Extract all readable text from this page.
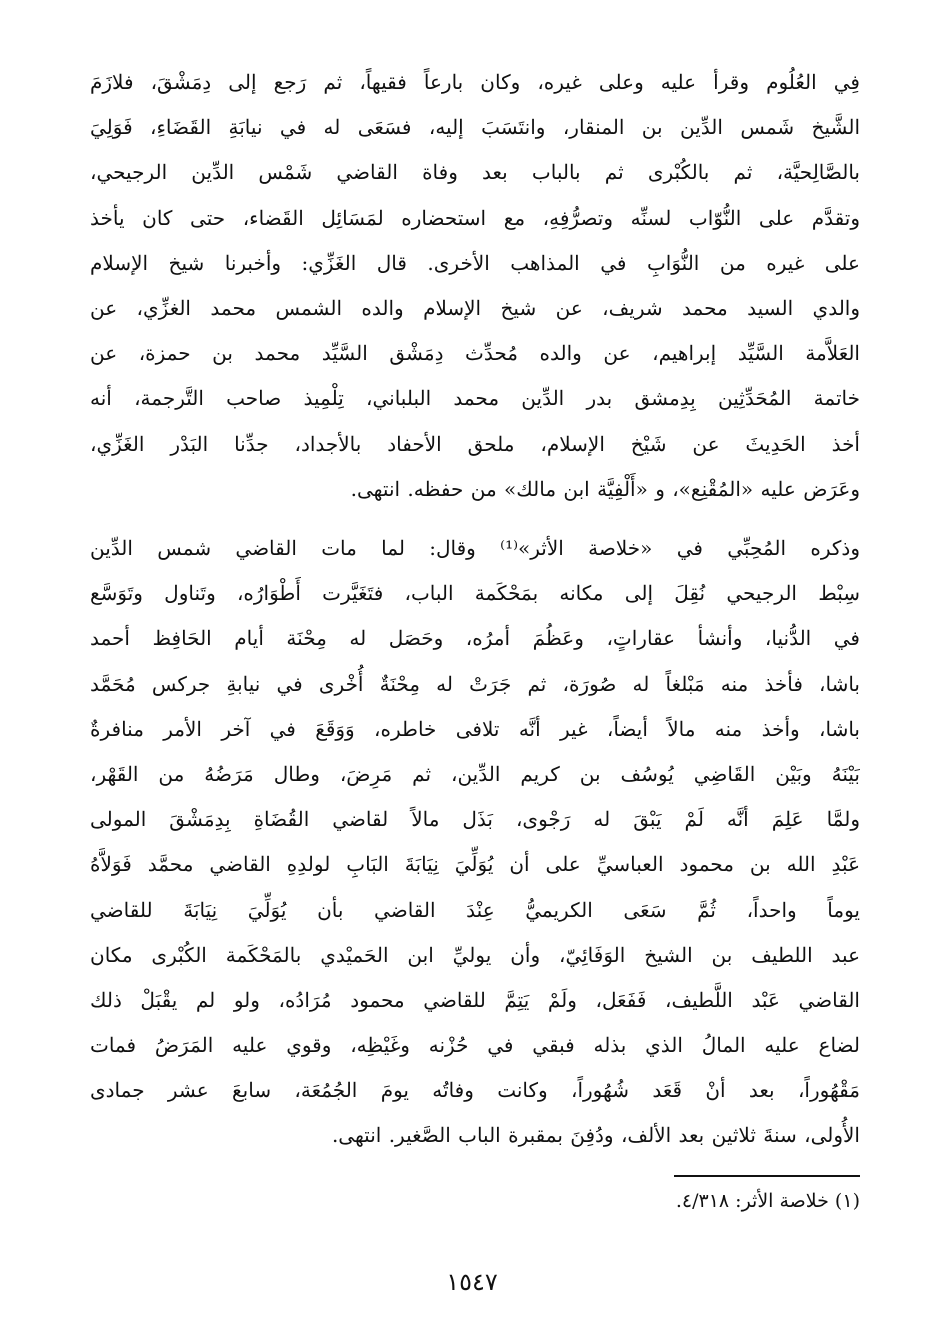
فِي العُلُوم وقرأ عليه وعلى غيره، وكان بارعاً فقيهاً، ثم رَجع إلى دِمَشْقَ، فلازَمَ
الشَّيخ شَمس الدِّين بن المنقار، وانتَسَبَ إليه، فسَعَى له في نيابَةِ القَضَاءِ، فَوَلِيَ
بالصَّالِحيَّة، ثم بالكُبْرى ثم بالباب بعد وفاة القاضي شَمْس الدِّين الرجيحي،
وتقدَّم على النُّوّاب لسنِّه وتصرُّفِهِ، مع استحضاره لمَسَائِل القَضاء، حتى كان يأخذ
على غيره من النُّوَابِ في المذاهب الأخرى. قال الغَزِّي: وأخبرنا شيخ الإسلام
والدي السيد محمد شريف، عن شيخ الإسلام والده الشمس محمد الغزِّي، عن
العَلاَّمة السَّيِّد إبراهيم، عن والده مُحدِّث دِمَشْق السَّيِّد محمد بن حمزة، عن
خاتمة المُحَدِّثِين بِدِمشق بدر الدِّين محمد البلباني، تِلْمِيذ صاحب التَّرجمة، أنه
أخذ الحَدِيثَ عن شَيْخ الإسلام، ملحق الأحفاد بالأجداد، جدِّنا البَدْر الغَزِّي،
وعَرَض عليه «المُقْنِع»، و «أَلْفِيَّة ابن مالك» من حفظه. انتهى.
وذكره المُحِبِّي في «خلاصة الأثر»⁽¹⁾ وقال: لما مات القاضي شمس الدِّين
سِبْط الرجيحي نُقِلَ إلى مكانه بمَحْكَمة الباب، فتَغَيَّرت أَطْوَارُه، وتَناول وتَوَسَّع
في الدُّنيا، وأنشأ عقاراتٍ، وعَظُمَ أمرُه، وحَصَل له مِحْنَة أيام الحَافِظ أحمد
باشا، فأخذ منه مَبْلغاً له صُورَة، ثم جَرَتْ له مِحْنَةٌ أُخْرى في نيابةِ جركس مُحَمَّد
باشا، وأخذ منه مالاً أيضاً، غير أنَّه تلافى خاطره، وَوَقَعَ في آخر الأمر منافرةٌ
بَيْنَهُ وبَيْن القَاضِي يُوسُف بن كريم الدِّين، ثم مَرِضَ، وطال مَرَضُهُ من القَهْر،
ولمَّا عَلِمَ أنَّه لَمْ يَبْقَ له رَجْوى، بَذَل مالاً لقاضي القُضَاةِ بِدِمَشْقَ المولى
عَبْدِ الله بن محمود العباسيِّ على أن يُوَلِّيَ نِيَابَةَ البَابِ لولدِهِ القاضي محمَّد فَوَلاَّهُ
يوماً واحداً، ثُمَّ سَعَى الكريميُّ عِنْدَ القاضي بأن يُوَلِّيَ نِيَابَةَ للقاضي
عبد اللطيف بن الشيخ الوَفَائِيّ، وأن يوليِّ ابن الحَميْدي بالمَحْكَمة الكُبْرى مكان
القاضي عَبْد اللَّطيف، فَفَعَل، ولَمْ يَتِمَّ للقاضي محمود مُرَادُه، ولو لم يقْبَلْ ذلك
لضاع عليه المالُ الذي بذله فبقي في حُزْنه وغَيْظِه، وقوي عليه المَرَضُ فمات
مَقْهُوراً، بعد أنْ قَعَد شُهُوراً، وكانت وفاتُه يومَ الجُمُعَة، سابعَ عشر جمادى
الأُولى، سنةَ ثلاثين بعد الألف، ودُفِنَ بمقبرة الباب الصَّغير. انتهى.
(١) خلاصة الأثر: ٤/٣١٨.
١٥٤٧
